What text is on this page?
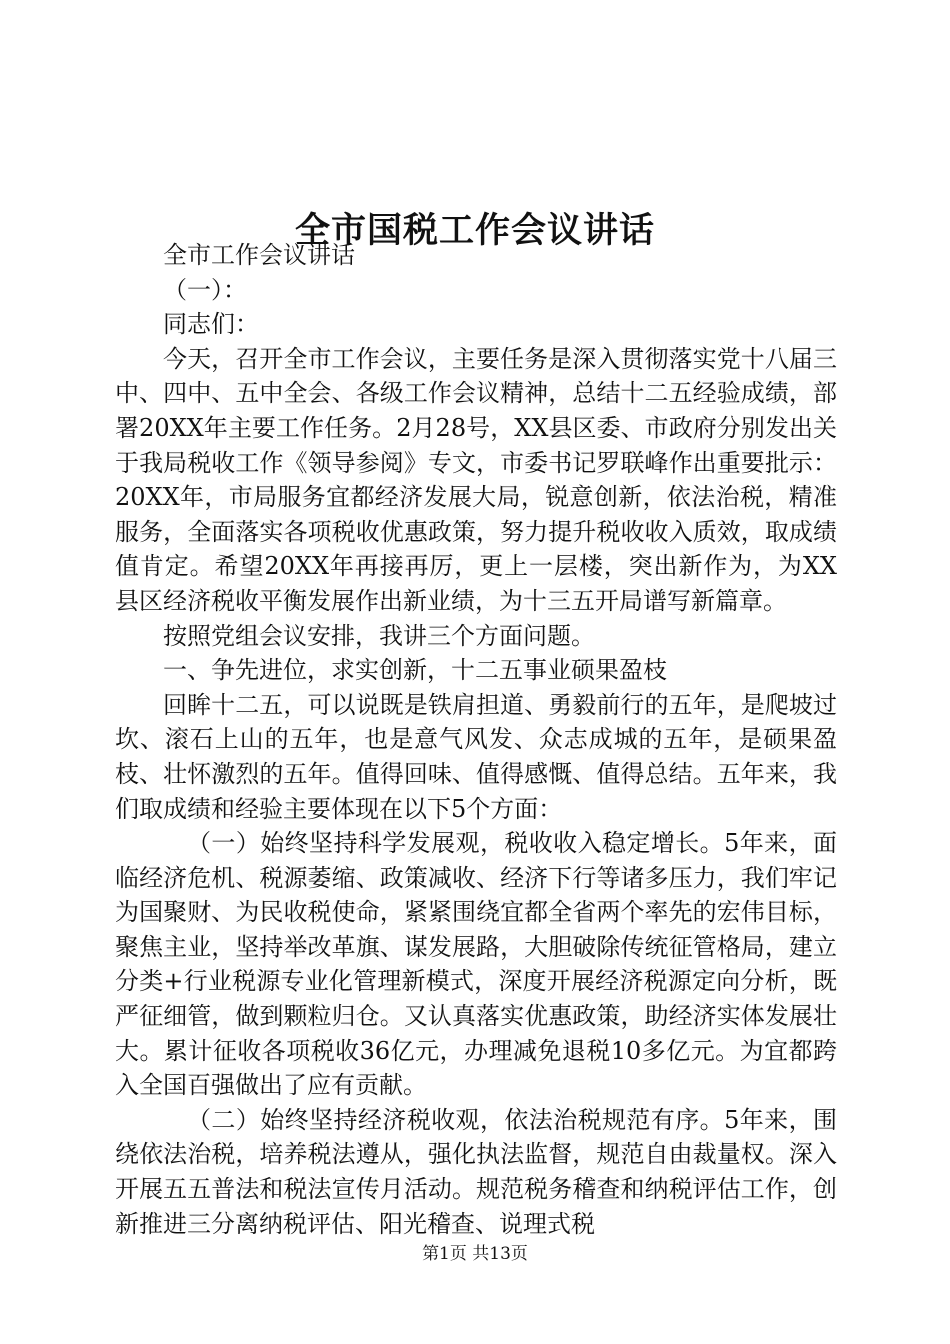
全市国税工作会议讲话

全市工作会议讲话

（一）：

同志们：

今天，召开全市工作会议，主要任务是深入贯彻落实党十八届三中、四中、五中全会、各级工作会议精神，总结十二五经验成绩，部署20XX年主要工作任务。2月28号，XX县区委、市政府分别发出关于我局税收工作《领导参阅》专文，市委书记罗联峰作出重要批示：20XX年，市局服务宜都经济发展大局，锐意创新，依法治税，精准服务，全面落实各项税收优惠政策，努力提升税收收入质效，取成绩值肯定。希望20XX年再接再厉，更上一层楼，突出新作为，为XX县区经济税收平衡发展作出新业绩，为十三五开局谱写新篇章。

按照党组会议安排，我讲三个方面问题。

一、争先进位，求实创新，十二五事业硕果盈枝

回眸十二五，可以说既是铁肩担道、勇毅前行的五年，是爬坡过坎、滚石上山的五年，也是意气风发、众志成城的五年，是硕果盈枝、壮怀激烈的五年。值得回味、值得感慨、值得总结。五年来，我们取成绩和经验主要体现在以下5个方面：

（一）始终坚持科学发展观，税收收入稳定增长。5年来，面临经济危机、税源萎缩、政策减收、经济下行等诸多压力，我们牢记为国聚财、为民收税使命，紧紧围绕宜都全省两个率先的宏伟目标，聚焦主业，坚持举改革旗、谋发展路，大胆破除传统征管格局，建立分类+行业税源专业化管理新模式，深度开展经济税源定向分析，既严征细管，做到颗粒归仓。又认真落实优惠政策，助经济实体发展壮大。累计征收各项税收36亿元，办理减免退税10多亿元。为宜都跨入全国百强做出了应有贡献。

（二）始终坚持经济税收观，依法治税规范有序。5年来，围绕依法治税，培养税法遵从，强化执法监督，规范自由裁量权。深入开展五五普法和税法宣传月活动。规范税务稽查和纳税评估工作，创新推进三分离纳税评估、阳光稽查、说理式税

第1页 共13页
